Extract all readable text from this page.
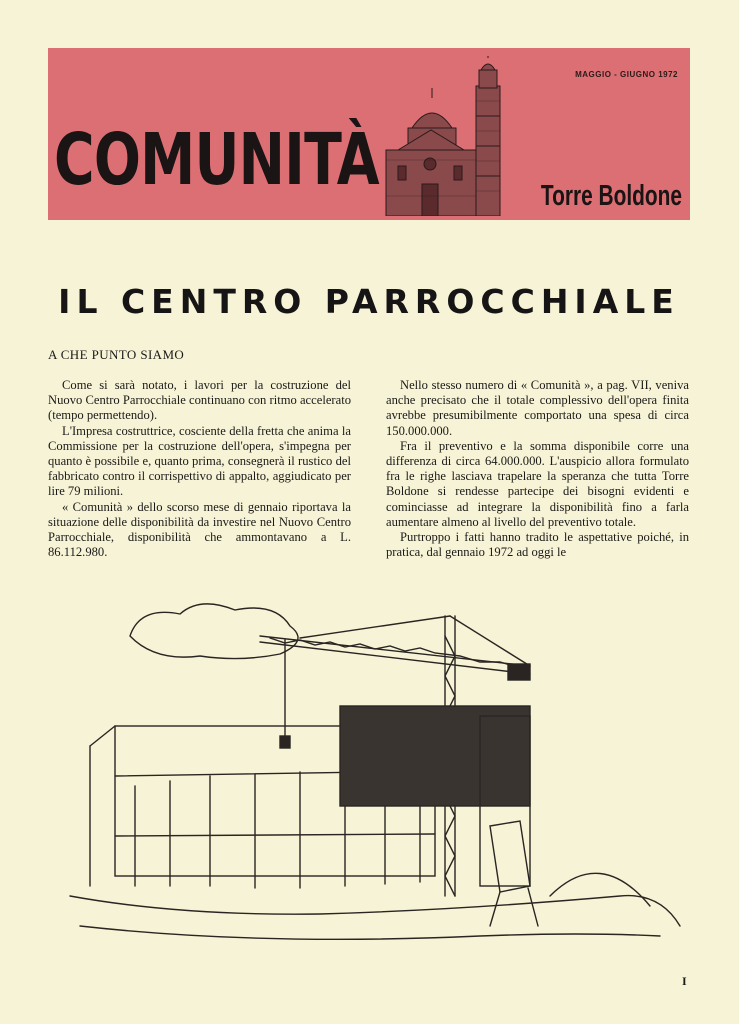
MAGGIO - GIUGNO 1972
COMUNITÀ	Torre Boldone
IL CENTRO PARROCCHIALE
A CHE PUNTO SIAMO

Come si sarà notato, i lavori per la costruzione del Nuovo Centro Parrocchiale continuano con ritmo accelerato (tempo permettendo).

L'Impresa costruttrice, cosciente della fretta che anima la Commissione per la costruzione dell'opera, s'impegna per quanto è possibile e, quanto prima, consegnerà il rustico del fabbricato contro il corrispettivo di appalto, aggiudicato per lire 79 milioni.

« Comunità » dello scorso mese di gennaio riportava la situazione delle disponibilità da investire nel Nuovo Centro Parrocchiale, disponibilità che ammontavano a L. 86.112.980.

Nello stesso numero di « Comunità », a pag. VII, veniva anche precisato che il totale complessivo dell'opera finita avrebbe presumibilmente comportato una spesa di circa 150.000.000.

Fra il preventivo e la somma disponibile corre una differenza di circa 64.000.000. L'auspicio allora formulato fra le righe lasciava trapelare la speranza che tutta Torre Boldone si rendesse partecipe dei bisogni evidenti e cominciasse ad integrare la disponibilità fino a farla aumentare almeno al livello del preventivo totale.

Purtroppo i fatti hanno tradito le aspettative poiché, in pratica, dal gennaio 1972 ad oggi le

I
